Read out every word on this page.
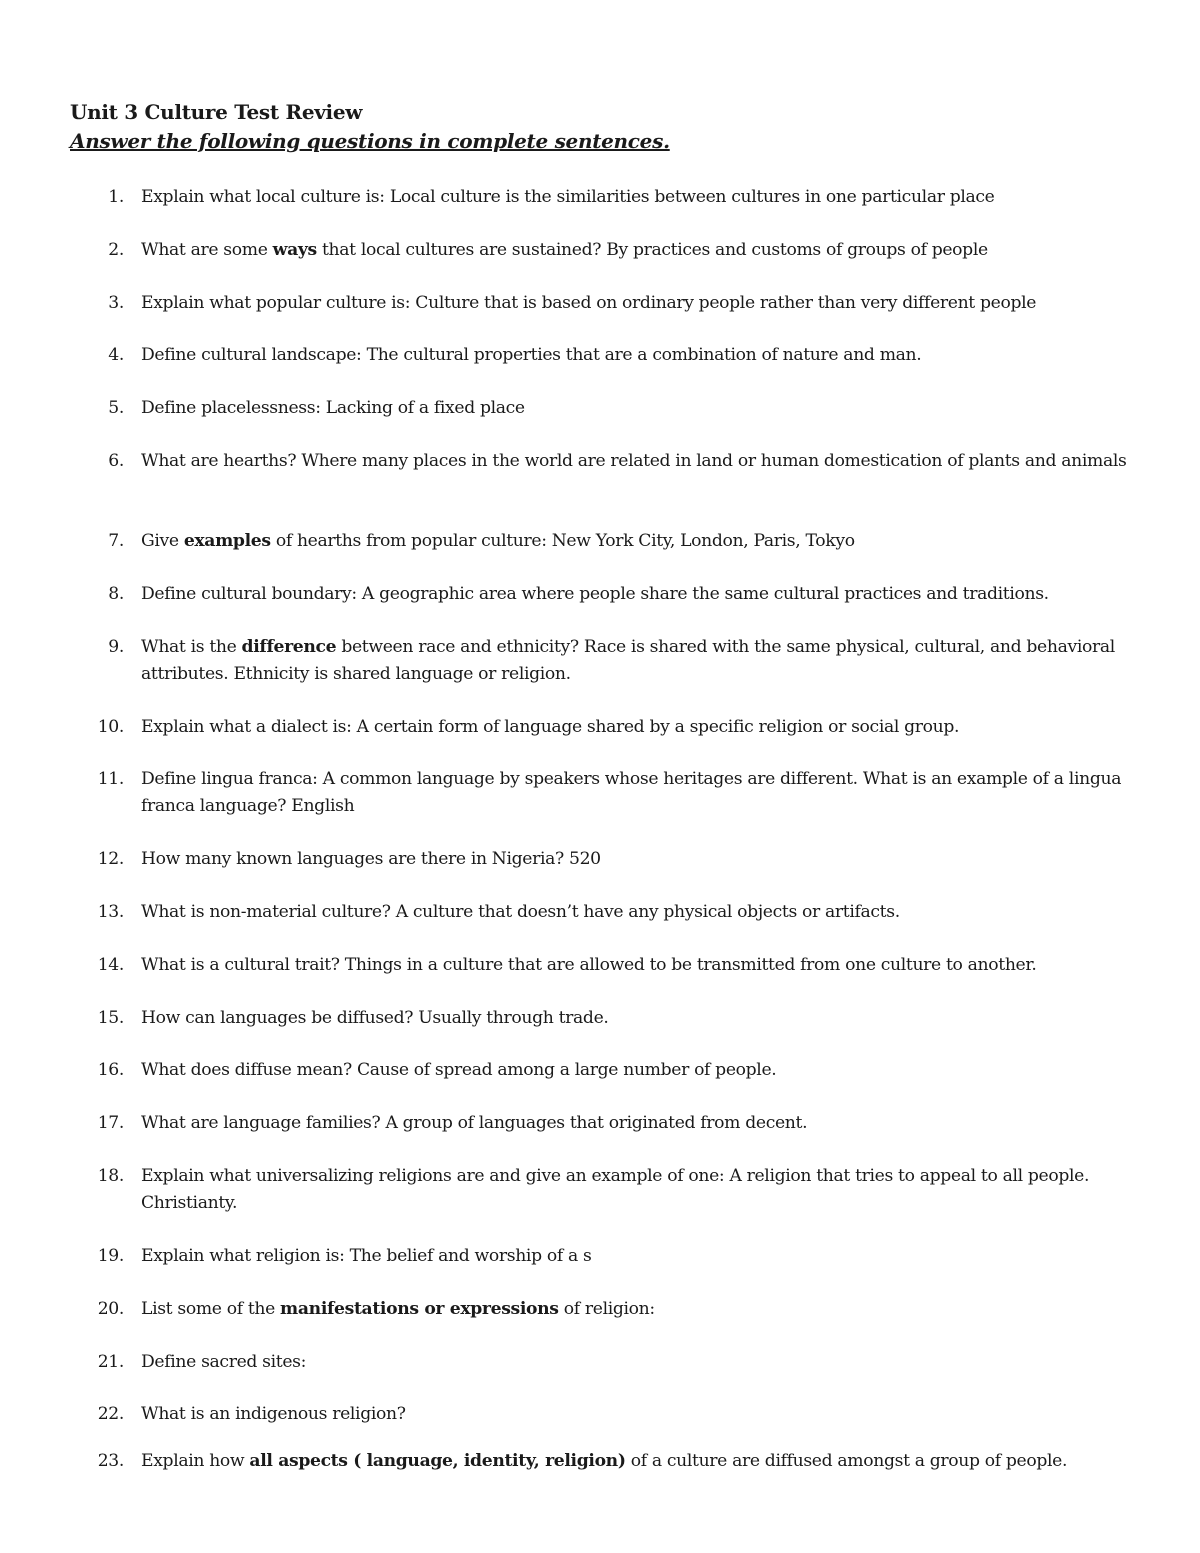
Unit 3 Culture Test Review
Answer the following questions in complete sentences.
1. Explain what local culture is: Local culture is the similarities between cultures in one particular place
2. What are some ways that local cultures are sustained? By practices and customs of groups of people
3. Explain what popular culture is: Culture that is based on ordinary people rather than very different people
4. Define cultural landscape: The cultural properties that are a combination of nature and man.
5. Define placelessness: Lacking of a fixed place
6. What are hearths? Where many places in the world are related in land or human domestication of plants and animals
7. Give examples of hearths from popular culture: New York City, London, Paris, Tokyo
8. Define cultural boundary: A geographic area where people share the same cultural practices and traditions.
9. What is the difference between race and ethnicity? Race is shared with the same physical, cultural, and behavioral attributes. Ethnicity is shared language or religion.
10. Explain what a dialect is: A certain form of language shared by a specific religion or social group.
11. Define lingua franca: A common language by speakers whose heritages are different. What is an example of a lingua franca language? English
12. How many known languages are there in Nigeria? 520
13. What is non-material culture? A culture that doesn’t have any physical objects or artifacts.
14. What is a cultural trait? Things in a culture that are allowed to be transmitted from one culture to another.
15. How can languages be diffused? Usually through trade.
16. What does diffuse mean? Cause of spread among a large number of people.
17. What are language families? A group of languages that originated from decent.
18. Explain what universalizing religions are and give an example of one: A religion that tries to appeal to all people. Christianty.
19. Explain what religion is: The belief and worship of a s
20. List some of the manifestations or expressions of religion:
21. Define sacred sites:
22. What is an indigenous religion?
23. Explain how all aspects ( language, identity, religion) of a culture are diffused amongst a group of people.
